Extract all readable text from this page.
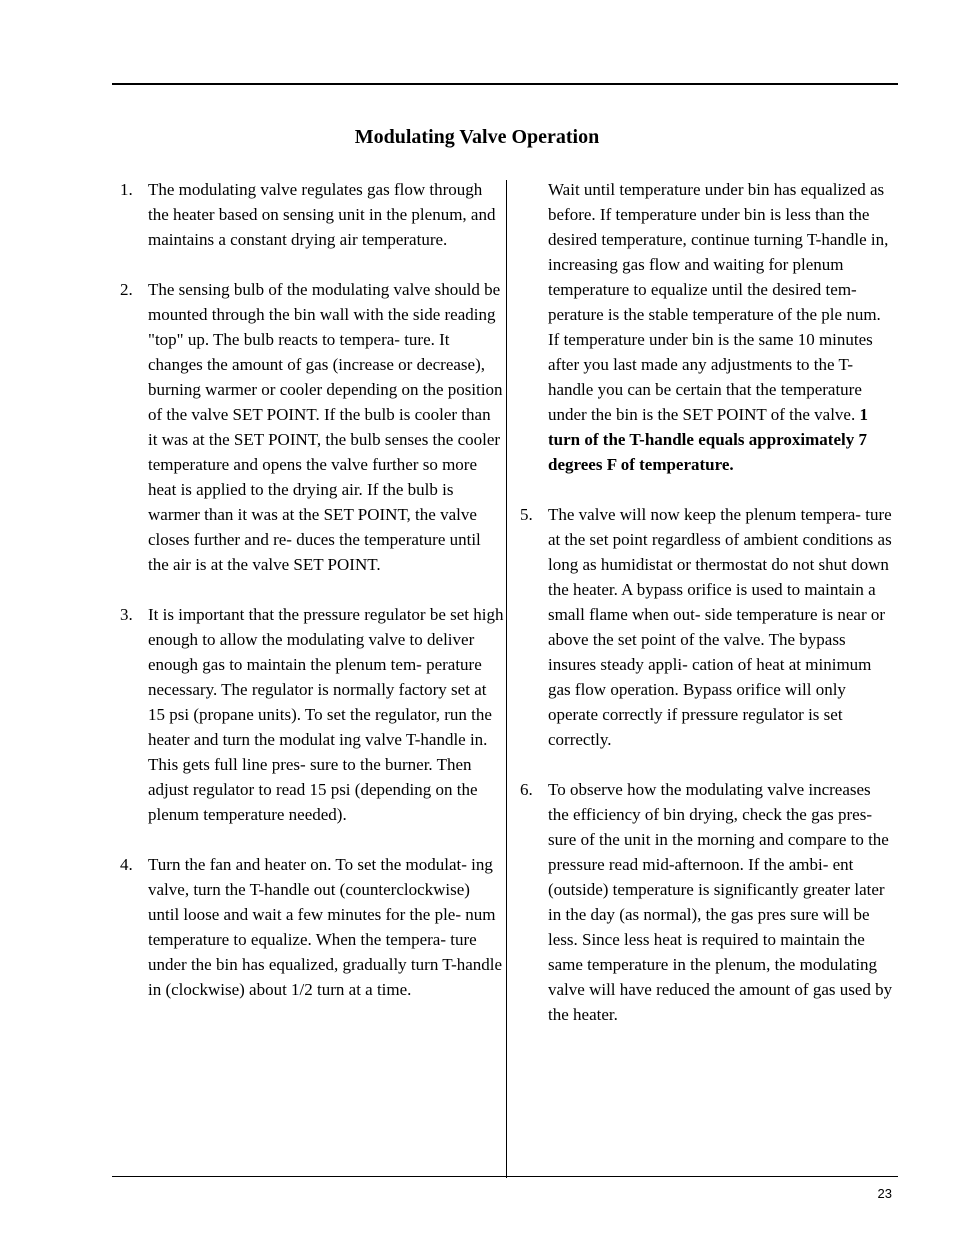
Modulating Valve Operation
1. The modulating valve regulates gas flow through the heater based on sensing unit in the plenum, and maintains a constant drying air temperature.

2. The sensing bulb of the modulating valve should be mounted through the bin wall with the side reading "top" up. The bulb reacts to tempera- ture. It changes the amount of gas (increase or decrease), burning warmer or cooler depending on the position of the valve SET POINT. If the bulb is cooler than it was at the SET POINT, the bulb senses the cooler temperature and opens the valve further so more heat is applied to the drying air. If the bulb is warmer than it was at the SET POINT, the valve closes further and re- duces the temperature until the air is at the valve SET POINT.

3. It is important that the pressure regulator be set high enough to allow the modulating valve to deliver enough gas to maintain the plenum tem- perature necessary. The regulator is normally factory set at 15 psi (propane units). To set the regulator, run the heater and turn the modulat ing valve T-handle in. This gets full line pres- sure to the burner. Then adjust regulator to read 15 psi (depending on the plenum temperature needed).

4. Turn the fan and heater on. To set the modulat- ing valve, turn the T-handle out (counterclockwise) until loose and wait a few minutes for the ple- num temperature to equalize. When the tempera- ture under the bin has equalized, gradually turn T-handle in (clockwise) about 1/2 turn at a time.

Wait until temperature under bin has equalized as before. If temperature under bin is less than the desired temperature, continue turning T-handle in, increasing gas flow and waiting for plenum temperature to equalize until the desired tem- perature is the stable temperature of the ple num. If temperature under bin is the same 10 minutes after you last made any adjustments to the T-handle you can be certain that the temperature under the bin is the SET POINT of the valve. 1 turn of the T-handle equals approximately 7 degrees F of temperature.

5. The valve will now keep the plenum tempera- ture at the set point regardless of ambient conditions as long as humidistat or thermostat do not shut down the heater. A bypass orifice is used to maintain a small flame when out- side temperature is near or above the set point of the valve. The bypass insures steady appli- cation of heat at minimum gas flow operation. Bypass orifice will only operate correctly if pressure regulator is set correctly.

6. To observe how the modulating valve increases the efficiency of bin drying, check the gas pres- sure of the unit in the morning and compare to the pressure read mid-afternoon. If the ambi- ent (outside) temperature is significantly greater later in the day (as normal), the gas pres sure will be less. Since less heat is required to maintain the same temperature in the plenum, the modulating valve will have reduced the amount of gas used by the heater.

23
